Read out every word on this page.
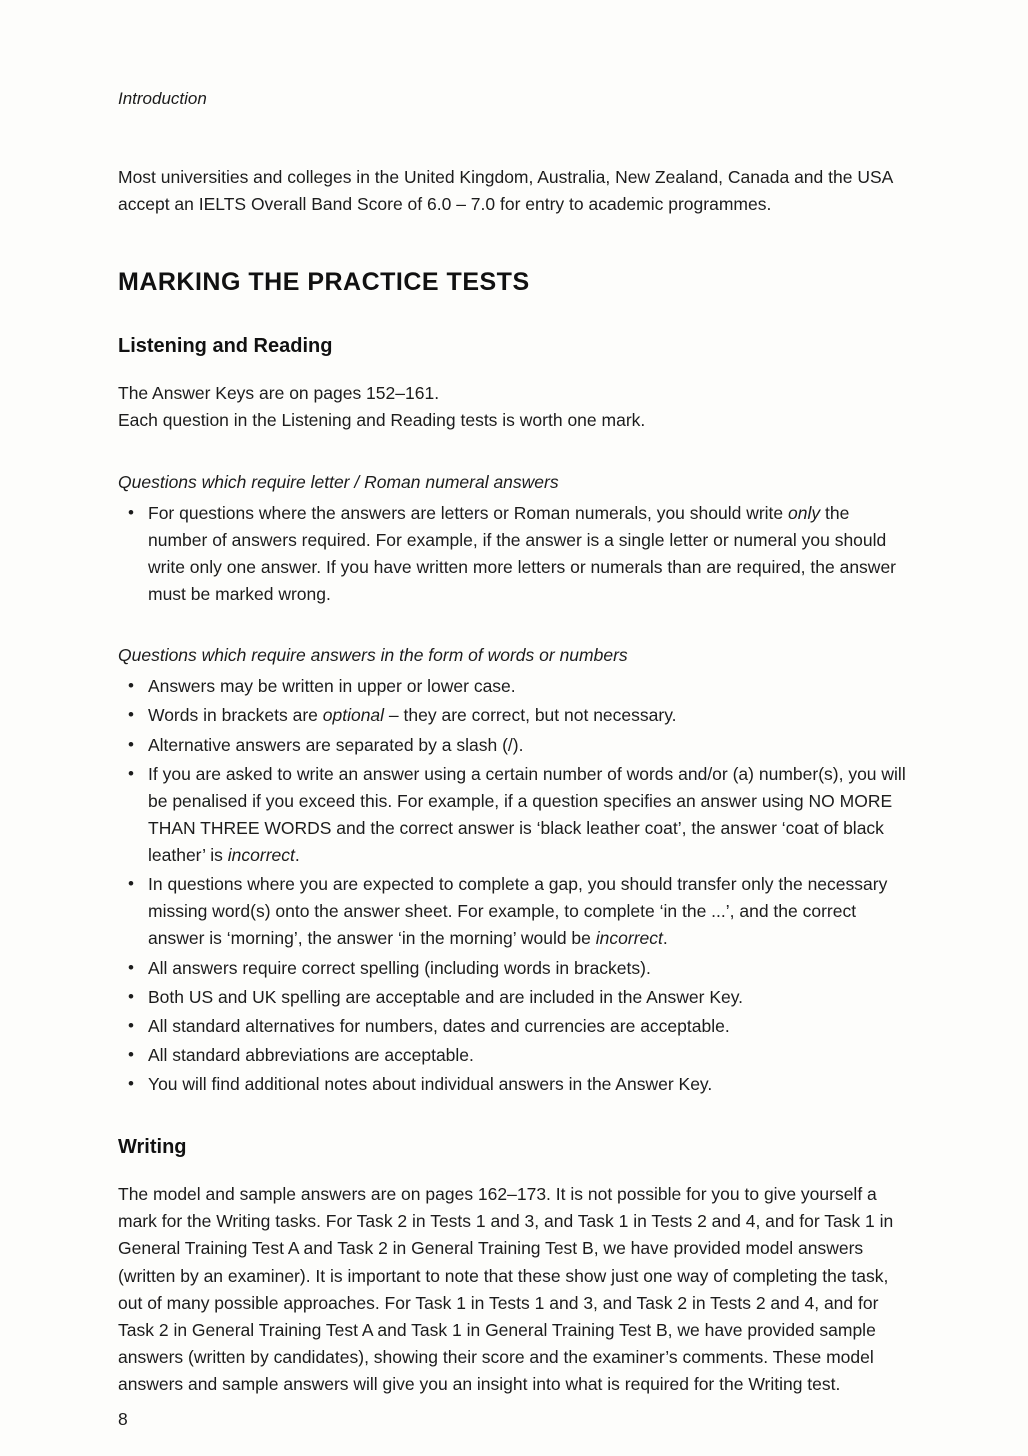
Introduction

Most universities and colleges in the United Kingdom, Australia, New Zealand, Canada and the USA accept an IELTS Overall Band Score of 6.0 – 7.0 for entry to academic programmes.

MARKING THE PRACTICE TESTS
Listening and Reading

The Answer Keys are on pages 152–161.

Each question in the Listening and Reading tests is worth one mark.

Questions which require letter / Roman numeral answers

• For questions where the answers are letters or Roman numerals, you should write only the number of answers required. For example, if the answer is a single letter or numeral you should write only one answer. If you have written more letters or numerals than are required, the answer must be marked wrong.

Questions which require answers in the form of words or numbers

• Answers may be written in upper or lower case.
• Words in brackets are optional – they are correct, but not necessary.
• Alternative answers are separated by a slash (/).
• If you are asked to write an answer using a certain number of words and/or (a) number(s), you will be penalised if you exceed this. For example, if a question specifies an answer using NO MORE THAN THREE WORDS and the correct answer is ‘black leather coat’, the answer ‘coat of black leather’ is incorrect.
• In questions where you are expected to complete a gap, you should transfer only the necessary missing word(s) onto the answer sheet. For example, to complete ‘in the ...’, and the correct answer is ‘morning’, the answer ‘in the morning’ would be incorrect.
• All answers require correct spelling (including words in brackets).
• Both US and UK spelling are acceptable and are included in the Answer Key.
• All standard alternatives for numbers, dates and currencies are acceptable.
• All standard abbreviations are acceptable.
• You will find additional notes about individual answers in the Answer Key.
Writing

The model and sample answers are on pages 162–173. It is not possible for you to give yourself a mark for the Writing tasks. For Task 2 in Tests 1 and 3, and Task 1 in Tests 2 and 4, and for Task 1 in General Training Test A and Task 2 in General Training Test B, we have provided model answers (written by an examiner). It is important to note that these show just one way of completing the task, out of many possible approaches. For Task 1 in Tests 1 and 3, and Task 2 in Tests 2 and 4, and for Task 2 in General Training Test A and Task 1 in General Training Test B, we have provided sample answers (written by candidates), showing their score and the examiner’s comments. These model answers and sample answers will give you an insight into what is required for the Writing test.

8
